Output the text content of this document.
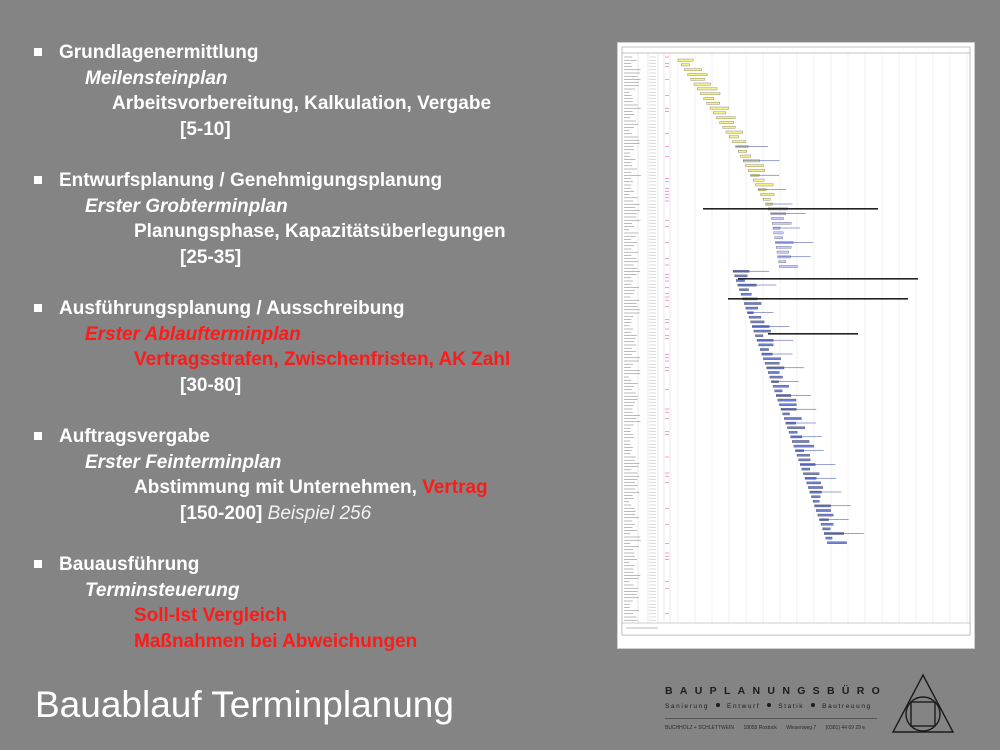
Grundlagenermittlung
Meilensteinplan
Arbeitsvorbereitung, Kalkulation, Vergabe
[5-10]
Entwurfsplanung / Genehmigungsplanung
Erster Grobterminplan
Planungsphase, Kapazitätsüberlegungen
[25-35]
Ausführungsplanung / Ausschreibung
Erster Ablaufterminplan
Vertragsstrafen, Zwischenfristen, AK Zahl
[30-80]
Auftragsvergabe
Erster Feinterminplan
Abstimmung mit Unternehmen, Vertrag
[150-200] Beispiel 256
Bauausführung
Terminsteuerung
Soll-Ist Vergleich
Maßnahmen bei Abweichungen
Bauablauf Terminplanung	BAUPLANUNGSBÜRO
Sanierung	Entwurf	Statik	Bautreuung
BUCHHOLZ + SCHLETTWEIN 18055 Rostock Wiesenweg 7 (0381) 44 69 29 e
